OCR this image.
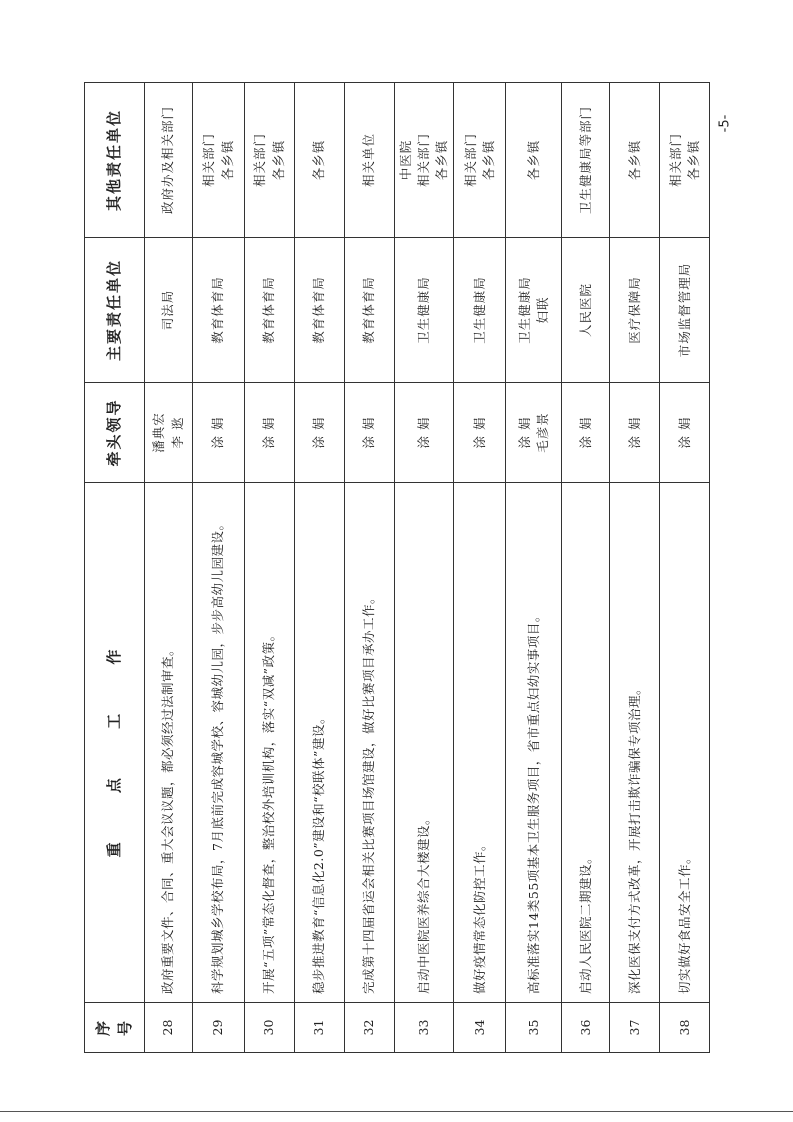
序号	重 点 工 作	牵头领导	主要责任单位	其他责任单位
28	政府重要文件、合同、重大会议议题，都必须经过法制审查。	潘典宏 李 逖	司法局	政府办及相关部门

29	科学规划城乡学校布局，7月底前完成容城学校、容城幼儿园，步步高幼儿园建设。	涂 娟	教育体育局	相关部门 各乡镇

30	开展“五项”常态化督查，整治校外培训机构，落实“双减”政策。	涂 娟	教育体育局	相关部门 各乡镇

31	稳步推进教育“信息化2.0”建设和“校联体”建设。	涂 娟	教育体育局	各乡镇

32	完成第十四届省运会相关比赛项目场馆建设，做好比赛项目承办工作。	涂 娟	教育体育局	相关单位

33	启动中医院医养综合大楼建设。	涂 娟	卫生健康局	中医院 相关部门 各乡镇

34	做好疫情常态化防控工作。	涂 娟	卫生健康局	相关部门 各乡镇

35	高标准落实14类55项基本卫生服务项目，省市重点妇幼实事项目。	涂 娟 毛彦景	卫生健康局 妇联	各乡镇

36	启动人民医院二期建设。	涂 娟	人民医院	卫生健康局等部门

37	深化医保支付方式改革，开展打击欺诈骗保专项治理。	涂 娟	医疗保障局	各乡镇

38	切实做好食品安全工作。	涂 娟	市场监督管理局	相关部门 各乡镇
-5-
